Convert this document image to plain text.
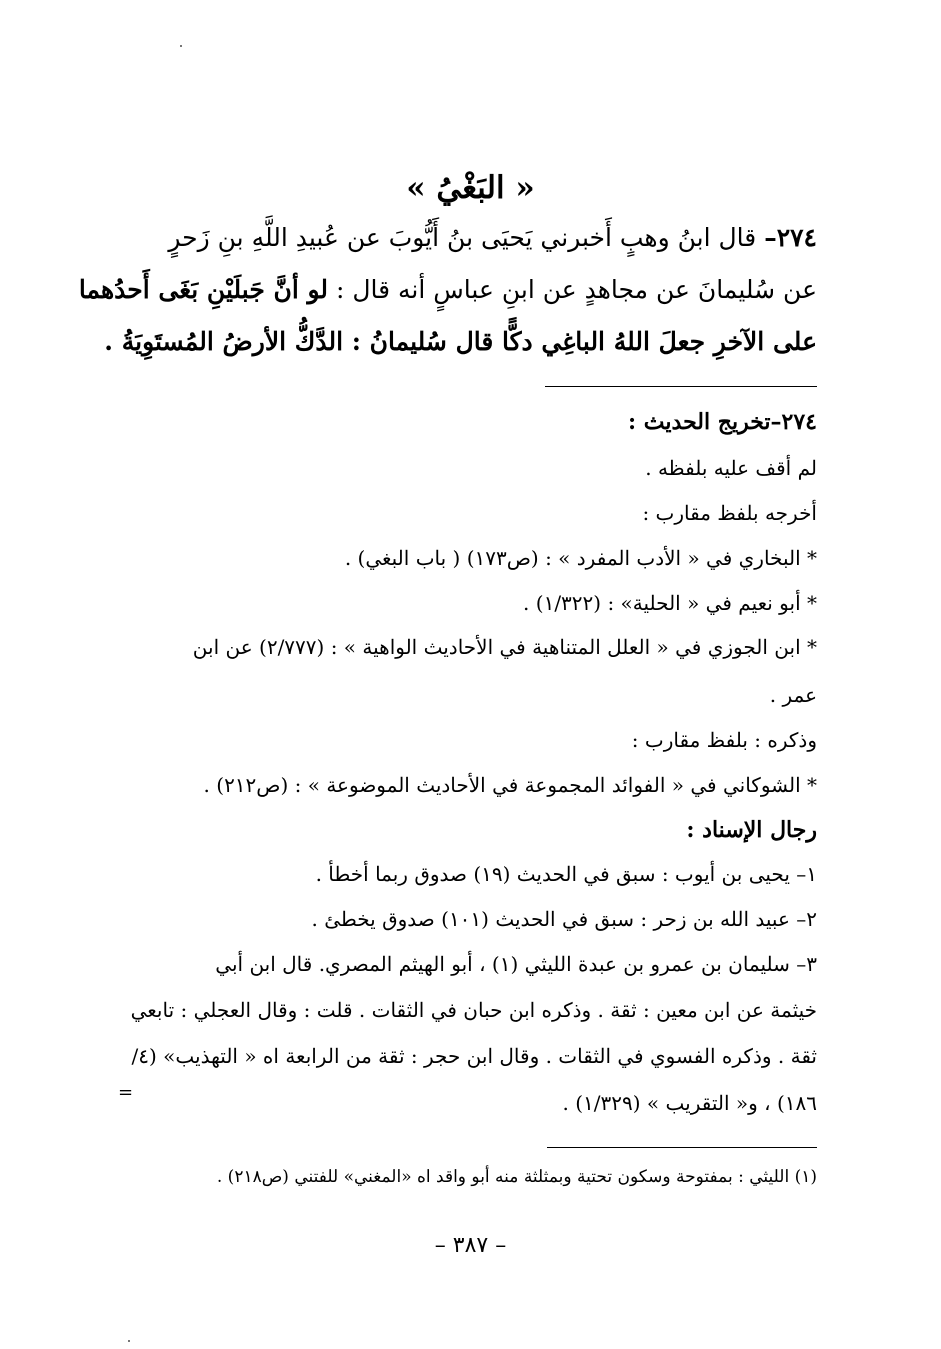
« البَغْيُ »
٢٧٤– قال ابنُ وهبٍ أَخبرني يَحيَى بنُ أَيُّوبَ عن عُبيدِ اللَّهِ بنِ زَحرٍ
عن سُليمانَ عن مجاهدٍ عن ابنِ عباسٍ أنه قال : لو أنَّ جَبلَيْنِ بَغَى أَحدُهما
على الآخرِ جعلَ اللهُ الباغِي دكًّا قال سُليمانُ : الدَّكُّ الأرضُ المُستَوِيَةُ .
٢٧٤–تخريج الحديث :
لم أقف عليه بلفظه .
أخرجه بلفظ مقارب :
* البخاري في « الأدب المفرد » : (ص١٧٣) ( باب البغي) .
* أبو نعيم في « الحلية» : (١/٣٢٢) .
* ابن الجوزي في « العلل المتناهية في الأحاديث الواهية » : (٢/٧٧٧) عن ابن
عمر .
وذكره : بلفظ مقارب :
* الشوكاني في « الفوائد المجموعة في الأحاديث الموضوعة » : (ص٢١٢) .
رجال الإسناد :
١– يحيى بن أيوب : سبق في الحديث (١٩) صدوق ربما أخطأ .
٢– عبيد الله بن زحر : سبق في الحديث (١٠١) صدوق يخطئ .
٣– سليمان بن عمرو بن عبدة الليثي (١) ، أبو الهيثم المصري. قال ابن أبي
خيثمة عن ابن معين : ثقة . وذكره ابن حبان في الثقات . قلت : وقال العجلي : تابعي
ثقة . وذكره الفسوي في الثقات . وقال ابن حجر : ثقة من الرابعة اه « التهذيب» (٤/
١٨٦) ، و« التقريب » (١/٣٢٩) .
=
(١) الليثي : بمفتوحة وسكون تحتية وبمثلثة منه أبو واقد اه «المغني» للفتني (ص٢١٨) .
– ٣٨٧ –
